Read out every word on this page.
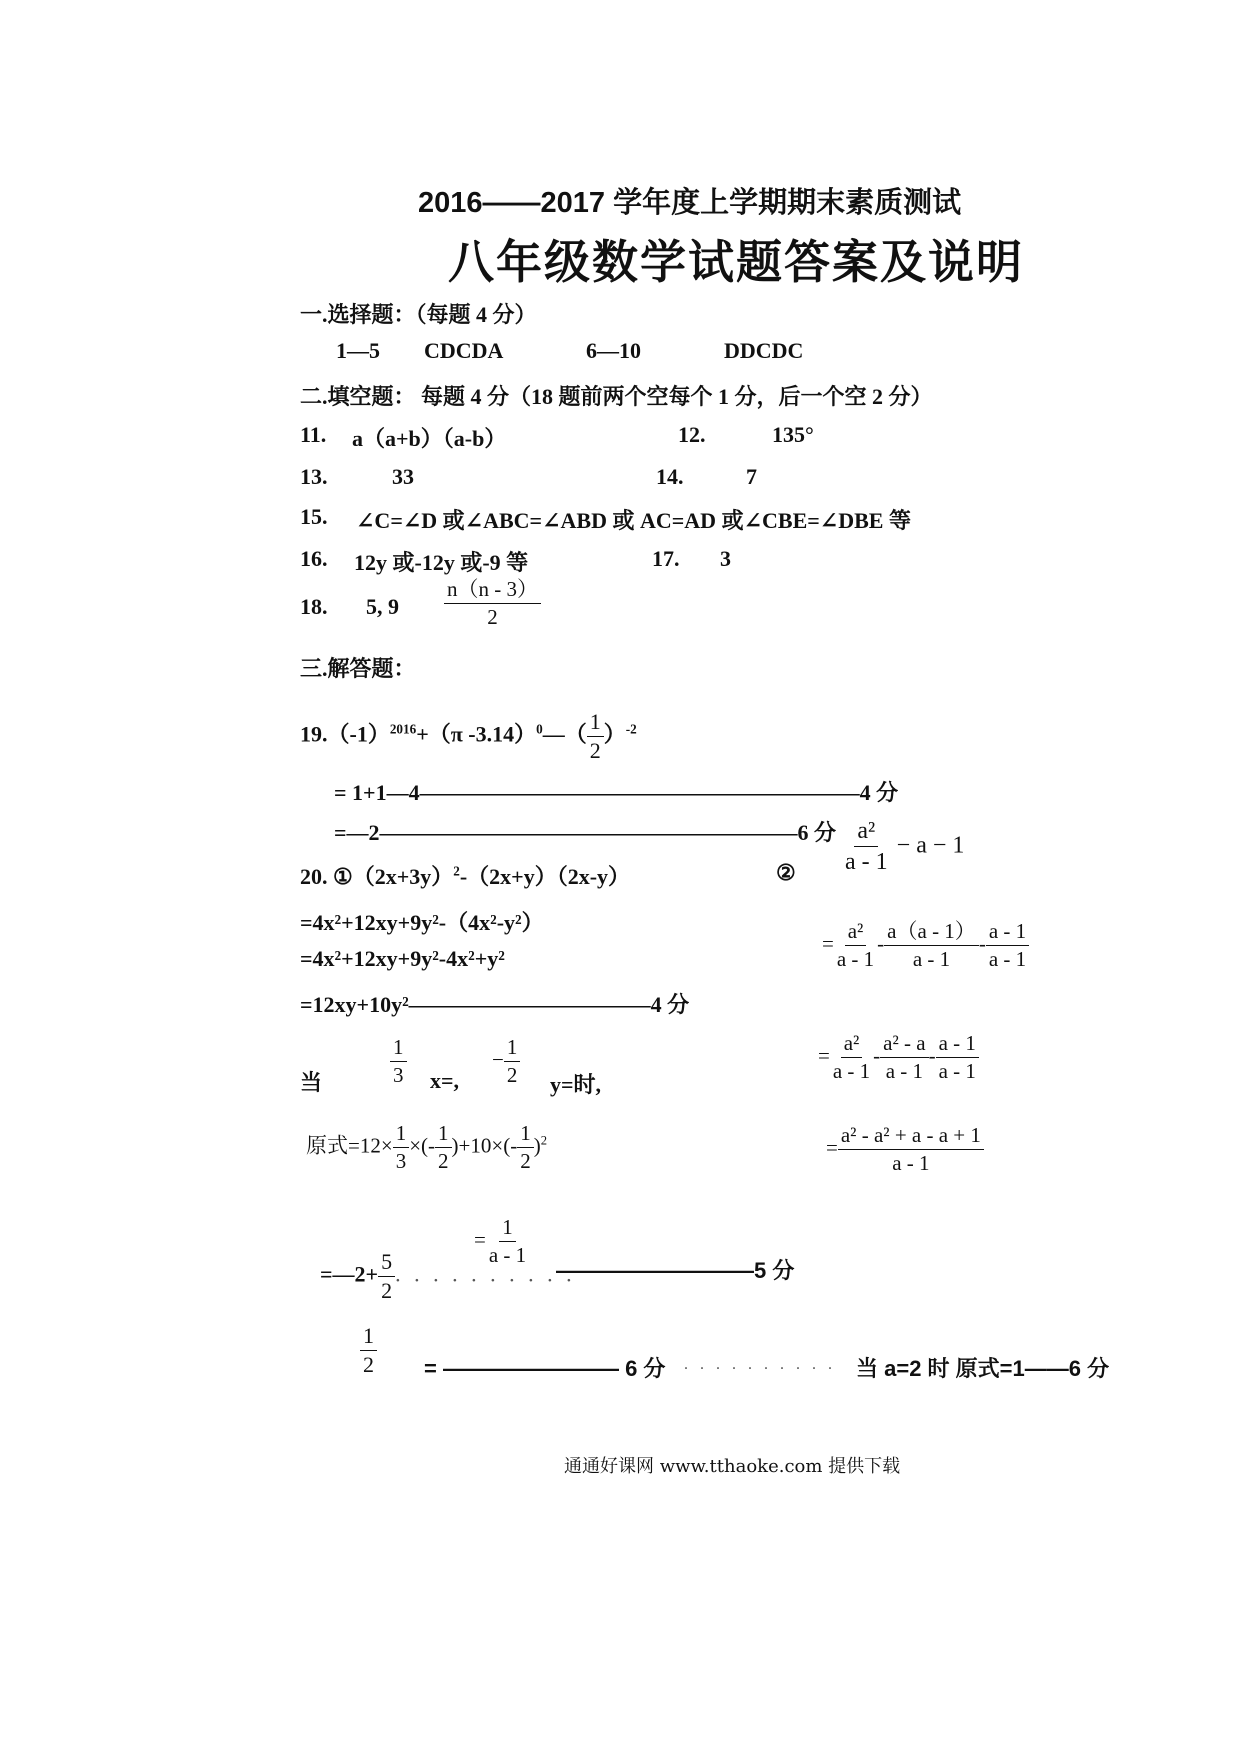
2016——2017 学年度上学期期末素质测试
八年级数学试题答案及说明
一.选择题：（每题 4 分）
1—5 CDCDA	6—10	DDCDC
二.填空题： 每题 4 分（18 题前两个空每个 1 分，后一个空 2 分）
11. a（a+b）（a-b）	12.	135°
13.	33	14.	7
15. ∠C=∠D 或∠ABC=∠ABD 或 AC=AD 或∠CBE=∠DBE 等
16. 12y 或-12y 或-9 等	17. 3
18. 5, $9 \frac{n(n - 3)}{2}$
三.解答题：
$19.(-1)^{2016}+(\pi$ -3.14）$^0$—（ $\frac{1}{2} )^{-2}$
= 1+1—4————————————————————4 分
=—2———————————————————6 分
20. $①(2x+3y)^2-(2x+y)(2x-y)$
=4x²+12xy+9y²-（4x²-y²）
=4x²+12xy+9y²-4x²+y²
=12xy+10y²———————————4 分
当	$\frac{1}{3} x=$,
− $\frac{1}{2} y=$时,
原式$=12\times \frac{1}{3}$ ×(- $\frac{1}{2} )+10\times(- \frac{1}{2} )^2$
=—2+ $\frac{5}{2}$ . . . . . . . . . .
$\frac{1}{2}$ = ———————— 6 分 . . . . . . . . . .
② $\frac{\text{a²}}{a - 1} - a - 1$
= $\frac{\text{a²}}{a - 1} - \frac{a(a - 1)}{a - 1} - \frac{a - 1}{a - 1}$
= $\frac{\text{a²}}{a - 1} - \frac{\text{a² - a}}{a - 1} - \frac{a - 1}{a - 1}$
= $\frac{\text{a² - a² + a - a + 1}}{a - 1}$
= $\frac{1}{a - 1}$
—————————5 分
当 a=2 时 原式=1——6 分
通通好课网 www.tthaoke.com 提供下载
